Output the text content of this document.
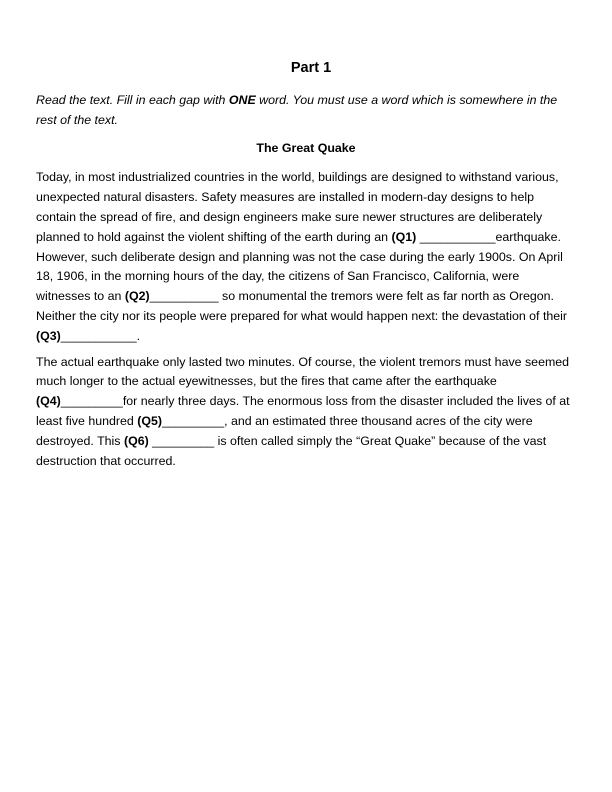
Part 1

Read the text. Fill in each gap with ONE word. You must use a word which is somewhere in the rest of the text.

The Great Quake

Today, in most industrialized countries in the world, buildings are designed to withstand various, unexpected natural disasters. Safety measures are installed in modern-day designs to help contain the spread of fire, and design engineers make sure newer structures are deliberately planned to hold against the violent shifting of the earth during an (Q1) ___________earthquake. However, such deliberate design and planning was not the case during the early 1900s. On April 18, 1906, in the morning hours of the day, the citizens of San Francisco, California, were witnesses to an (Q2)__________ so monumental the tremors were felt as far north as Oregon. Neither the city nor its people were prepared for what would happen next: the devastation of their (Q3)___________.

The actual earthquake only lasted two minutes. Of course, the violent tremors must have seemed much longer to the actual eyewitnesses, but the fires that came after the earthquake (Q4)_________for nearly three days. The enormous loss from the disaster included the lives of at least five hundred (Q5)_________, and an estimated three thousand acres of the city were destroyed. This (Q6) _________ is often called simply the “Great Quake” because of the vast destruction that occurred.
